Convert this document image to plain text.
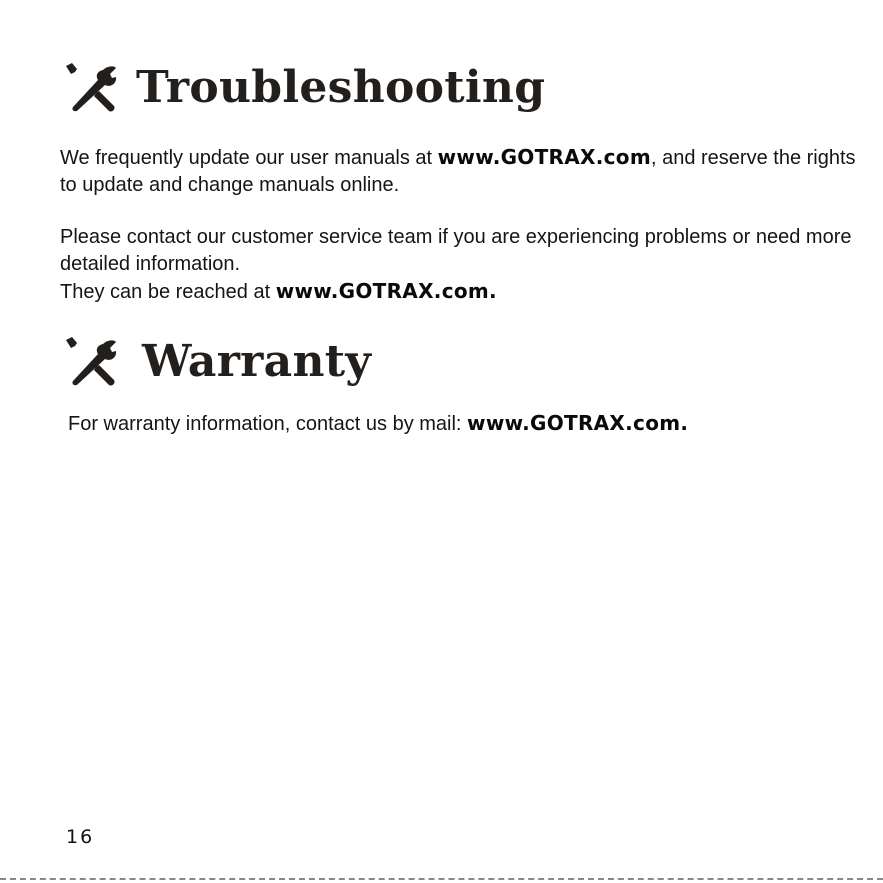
Troubleshooting

We frequently update our user manuals at www.GOTRAX.com, and reserve the rights to update and change manuals online.

Please contact our customer service team if you are experiencing problems or need more detailed information.
They can be reached at www.GOTRAX.com.

Warranty

For warranty information, contact us by mail: www.GOTRAX.com.

16
